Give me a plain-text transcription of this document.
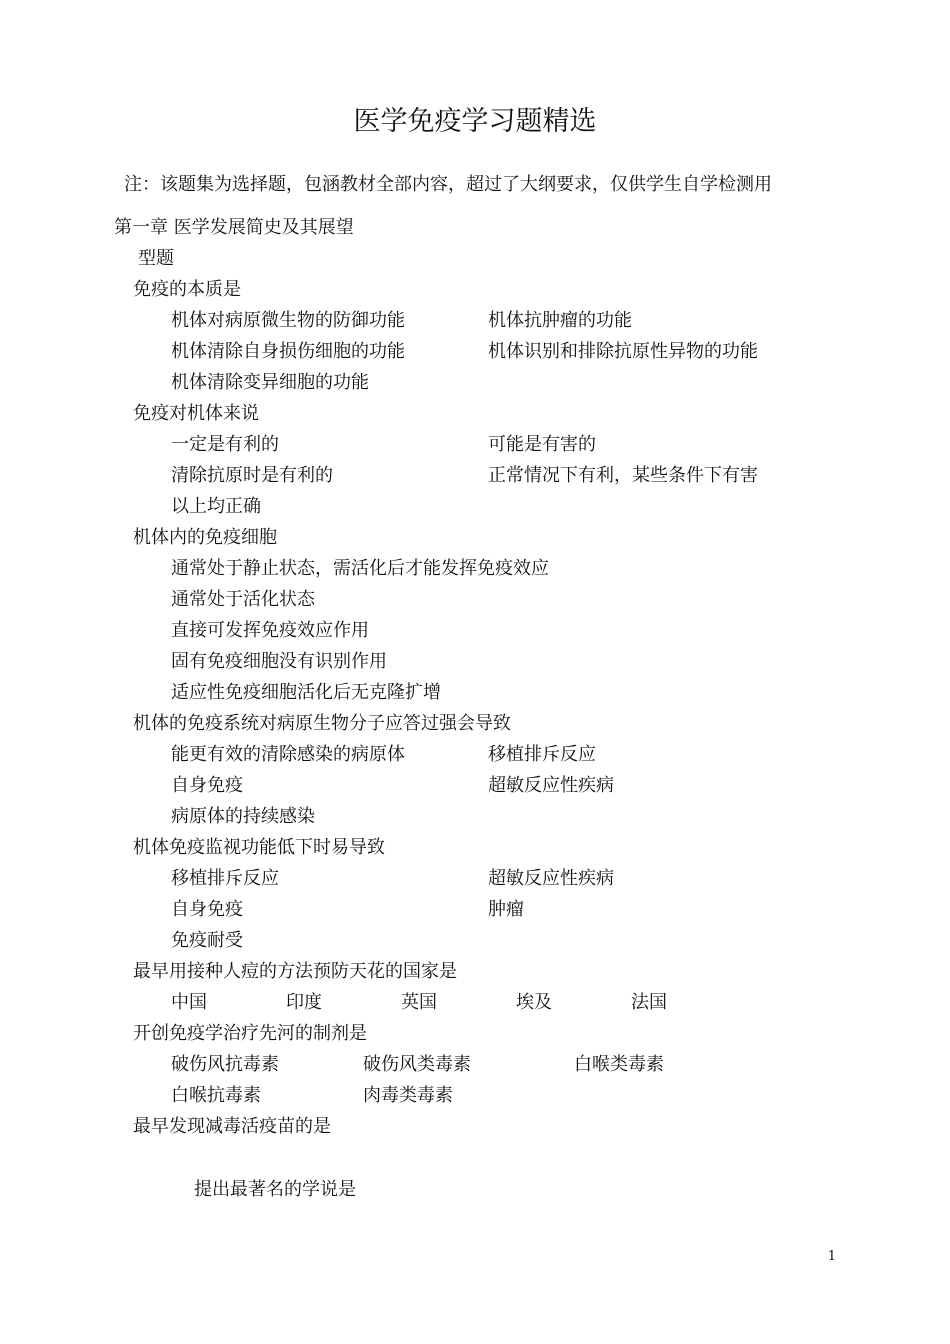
医学免疫学习题精选
注：该题集为选择题，包涵教材全部内容，超过了大纲要求，仅供学生自学检测用
第一章 医学发展简史及其展望
型题
免疫的本质是
机体对病原微生物的防御功能	机体抗肿瘤的功能
机体清除自身损伤细胞的功能	机体识别和排除抗原性异物的功能
机体清除变异细胞的功能
免疫对机体来说
一定是有利的	可能是有害的
清除抗原时是有利的	正常情况下有利，某些条件下有害
以上均正确
机体内的免疫细胞
通常处于静止状态，需活化后才能发挥免疫效应
通常处于活化状态
直接可发挥免疫效应作用
固有免疫细胞没有识别作用
适应性免疫细胞活化后无克隆扩增
机体的免疫系统对病原生物分子应答过强会导致
能更有效的清除感染的病原体	移植排斥反应
自身免疫	超敏反应性疾病
病原体的持续感染
机体免疫监视功能低下时易导致
移植排斥反应	超敏反应性疾病
自身免疫	肿瘤
免疫耐受
最早用接种人痘的方法预防天花的国家是
中国	印度	英国	埃及	法国
开创免疫学治疗先河的制剂是
破伤风抗毒素	破伤风类毒素	白喉类毒素
白喉抗毒素	肉毒类毒素
最早发现减毒活疫苗的是
提出最著名的学说是
1
